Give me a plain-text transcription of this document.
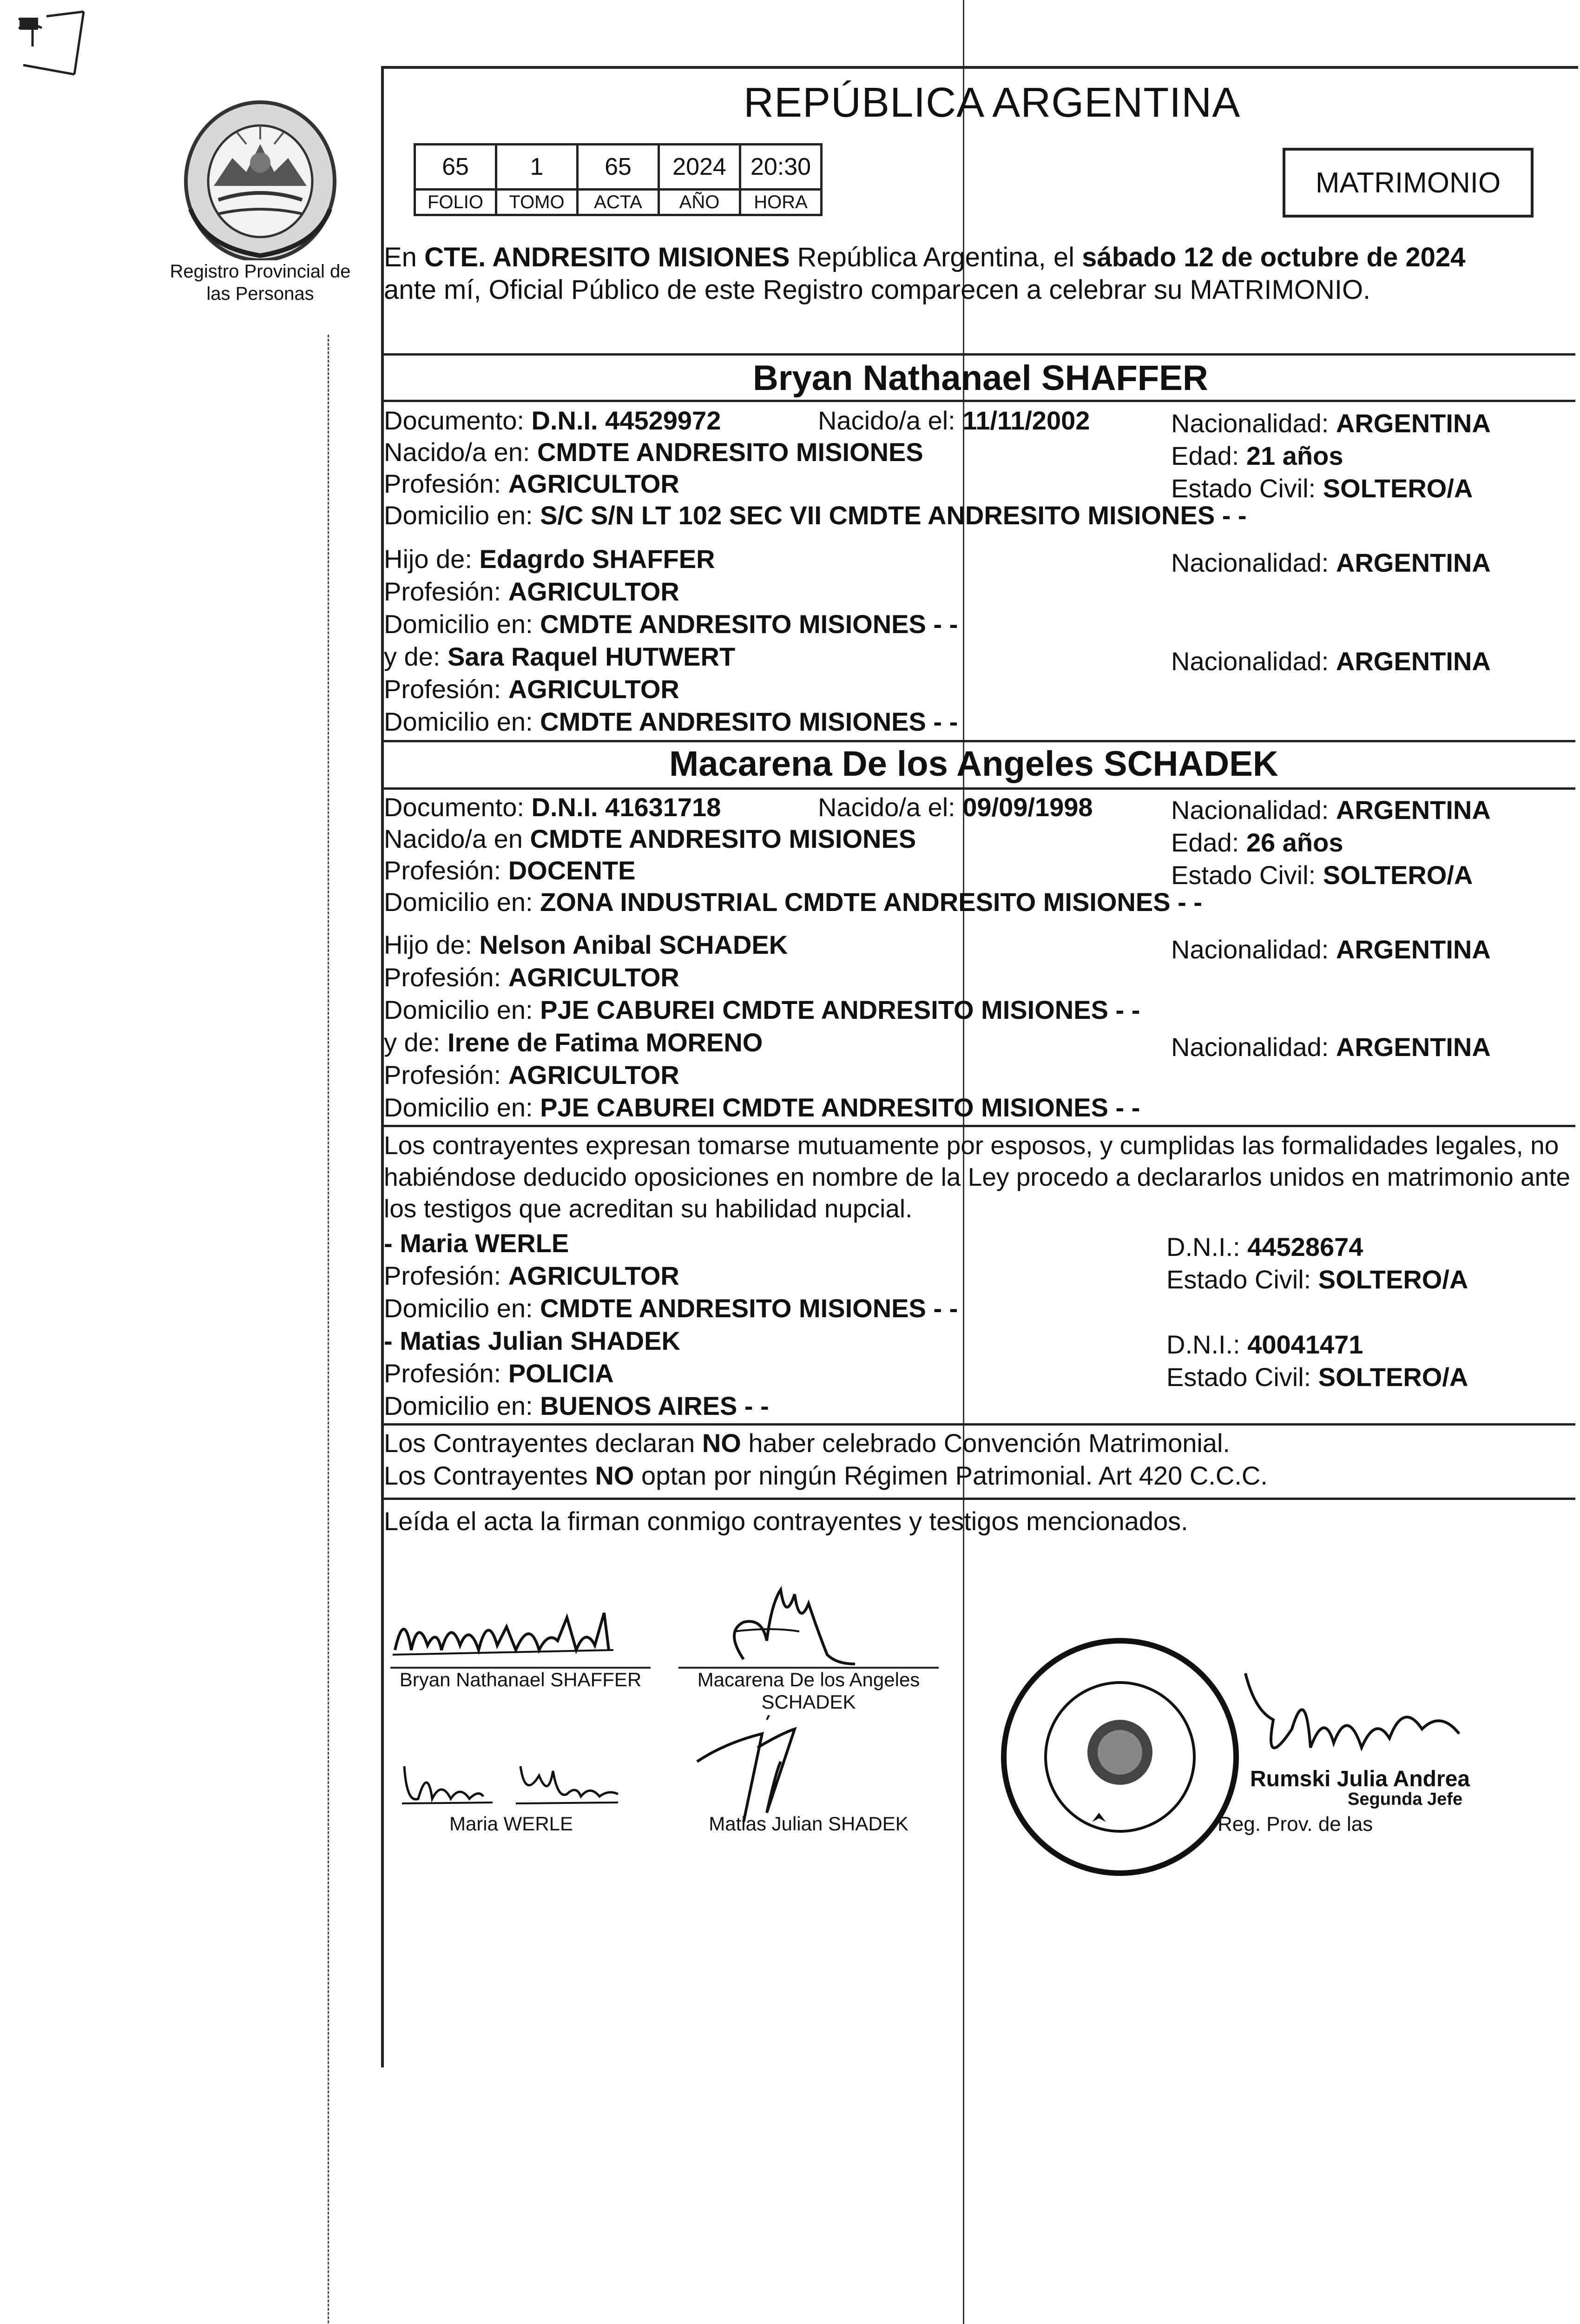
Registro Provincial de las Personas
REPÚBLICA ARGENTINA
65	1	65	2024	20:30
FOLIO	TOMO	ACTA	AÑO	HORA
MATRIMONIO
En CTE. ANDRESITO MISIONES República Argentina, el sábado 12 de octubre de 2024
ante mí, Oficial Público de este Registro comparecen a celebrar su MATRIMONIO.
Bryan Nathanael SHAFFER
Documento: D.N.I. 44529972	Nacido/a el: 11/11/2002	Nacionalidad: ARGENTINA
Nacido/a en: CMDTE ANDRESITO MISIONES	Edad: 21 años
Profesión: AGRICULTOR	Estado Civil: SOLTERO/A
Domicilio en: S/C S/N LT 102 SEC VII CMDTE ANDRESITO MISIONES - -
Hijo de: Edagrdo SHAFFER	Nacionalidad: ARGENTINA
Profesión: AGRICULTOR
Domicilio en: CMDTE ANDRESITO MISIONES - -
y de: Sara Raquel HUTWERT	Nacionalidad: ARGENTINA
Profesión: AGRICULTOR
Domicilio en: CMDTE ANDRESITO MISIONES - -
Macarena De los Angeles SCHADEK
Documento: D.N.I. 41631718	Nacido/a el: 09/09/1998	Nacionalidad: ARGENTINA
Nacido/a en CMDTE ANDRESITO MISIONES	Edad: 26 años
Profesión: DOCENTE	Estado Civil: SOLTERO/A
Domicilio en: ZONA INDUSTRIAL CMDTE ANDRESITO MISIONES - -
Hijo de: Nelson Anibal SCHADEK	Nacionalidad: ARGENTINA
Profesión: AGRICULTOR
Domicilio en: PJE CABUREI CMDTE ANDRESITO MISIONES - -
y de: Irene de Fatima MORENO	Nacionalidad: ARGENTINA
Profesión: AGRICULTOR
Domicilio en: PJE CABUREI CMDTE ANDRESITO MISIONES - -
Los contrayentes expresan tomarse mutuamente por esposos, y cumplidas las formalidades legales, no
habiéndose deducido oposiciones en nombre de la Ley procedo a declararlos unidos en matrimonio ante
los testigos que acreditan su habilidad nupcial.
- Maria WERLE	D.N.I.: 44528674
Profesión: AGRICULTOR	Estado Civil: SOLTERO/A
Domicilio en: CMDTE ANDRESITO MISIONES - -
- Matias Julian SHADEK	D.N.I.: 40041471
Profesión: POLICIA	Estado Civil: SOLTERO/A
Domicilio en: BUENOS AIRES - -
Los Contrayentes declaran NO haber celebrado Convención Matrimonial.
Los Contrayentes NO optan por ningún Régimen Patrimonial. Art 420 C.C.C.
Leída el acta la firman conmigo contrayentes y testigos mencionados.
Bryan Nathanael SHAFFER	Macarena De los Angeles
SCHADEK
Maria WERLE	Matias Julian SHADEK
Rumski Julia Andrea
Segunda Jefe
Reg. Prov. de las
